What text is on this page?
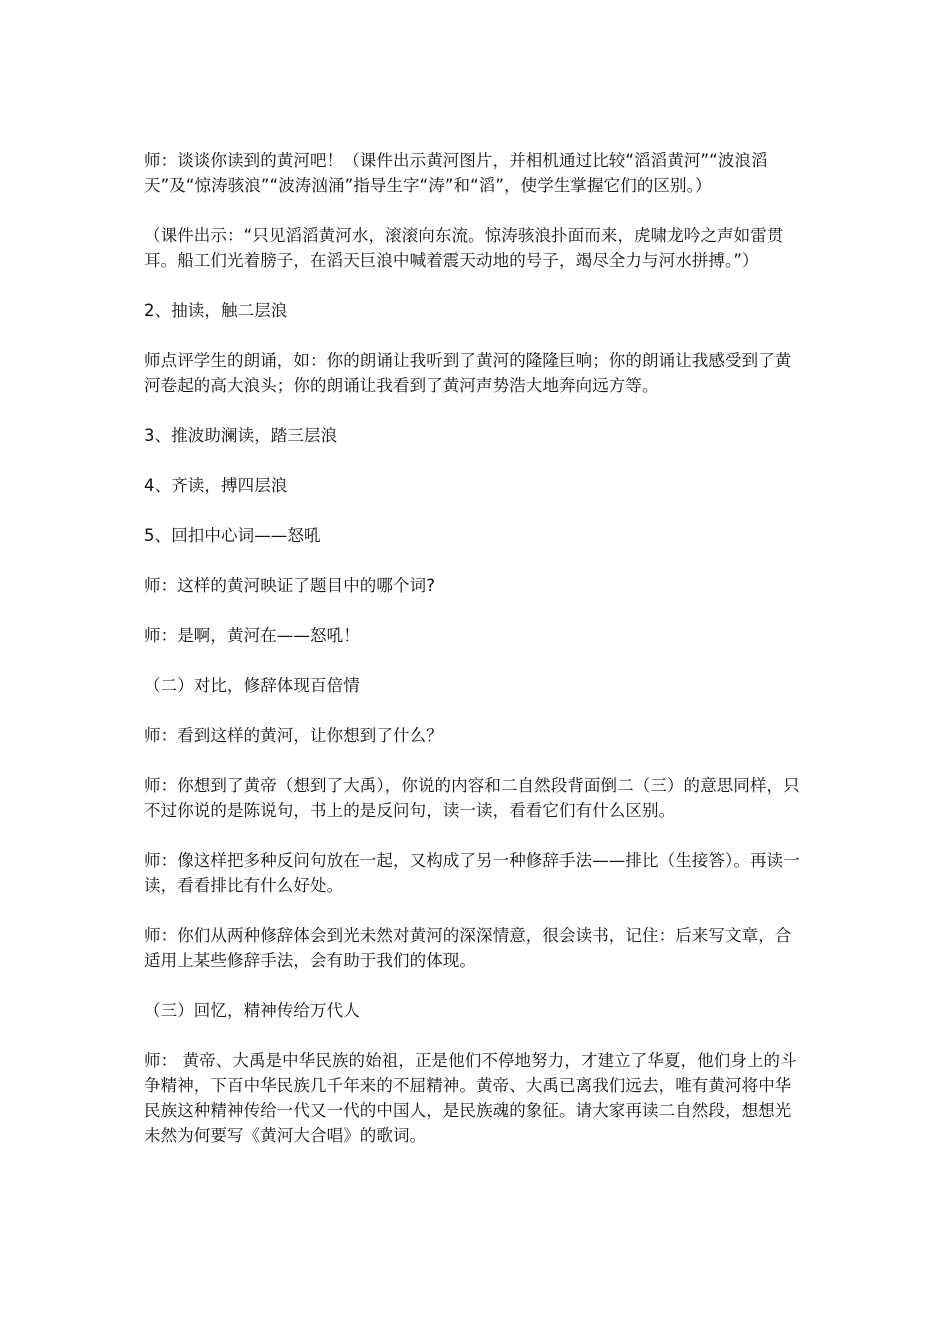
师：谈谈你读到的黄河吧！（课件出示黄河图片，并相机通过比较“滔滔黄河”“波浪滔天”及“惊涛骇浪”“波涛汹涌”指导生字“涛”和“滔”，使学生掌握它们的区别。）

（课件出示：“只见滔滔黄河水，滚滚向东流。惊涛骇浪扑面而来，虎啸龙吟之声如雷贯耳。船工们光着膀子，在滔天巨浪中喊着震天动地的号子，竭尽全力与河水拼搏。”）

2、抽读，触二层浪

师点评学生的朗诵，如：你的朗诵让我听到了黄河的隆隆巨响；你的朗诵让我感受到了黄河卷起的高大浪头；你的朗诵让我看到了黄河声势浩大地奔向远方等。

3、推波助澜读，踏三层浪

4、齐读，搏四层浪

5、回扣中心词——怒吼

师：这样的黄河映证了题目中的哪个词?

师：是啊，黄河在——怒吼！

（二）对比，修辞体现百倍情

师：看到这样的黄河，让你想到了什么？

师：你想到了黄帝（想到了大禹），你说的内容和二自然段背面倒二（三）的意思同样，只不过你说的是陈说句，书上的是反问句，读一读，看看它们有什么区别。

师：像这样把多种反问句放在一起，又构成了另一种修辞手法——排比（生接答）。再读一读，看看排比有什么好处。

师：你们从两种修辞体会到光未然对黄河的深深情意，很会读书，记住：后来写文章，合适用上某些修辞手法，会有助于我们的体现。

（三）回忆，精神传给万代人

师： 黄帝、大禹是中华民族的始祖，正是他们不停地努力，才建立了华夏，他们身上的斗争精神，下百中华民族几千年来的不屈精神。黄帝、大禹已离我们远去，唯有黄河将中华民族这种精神传给一代又一代的中国人，是民族魂的象征。请大家再读二自然段，想想光未然为何要写《黄河大合唱》的歌词。
